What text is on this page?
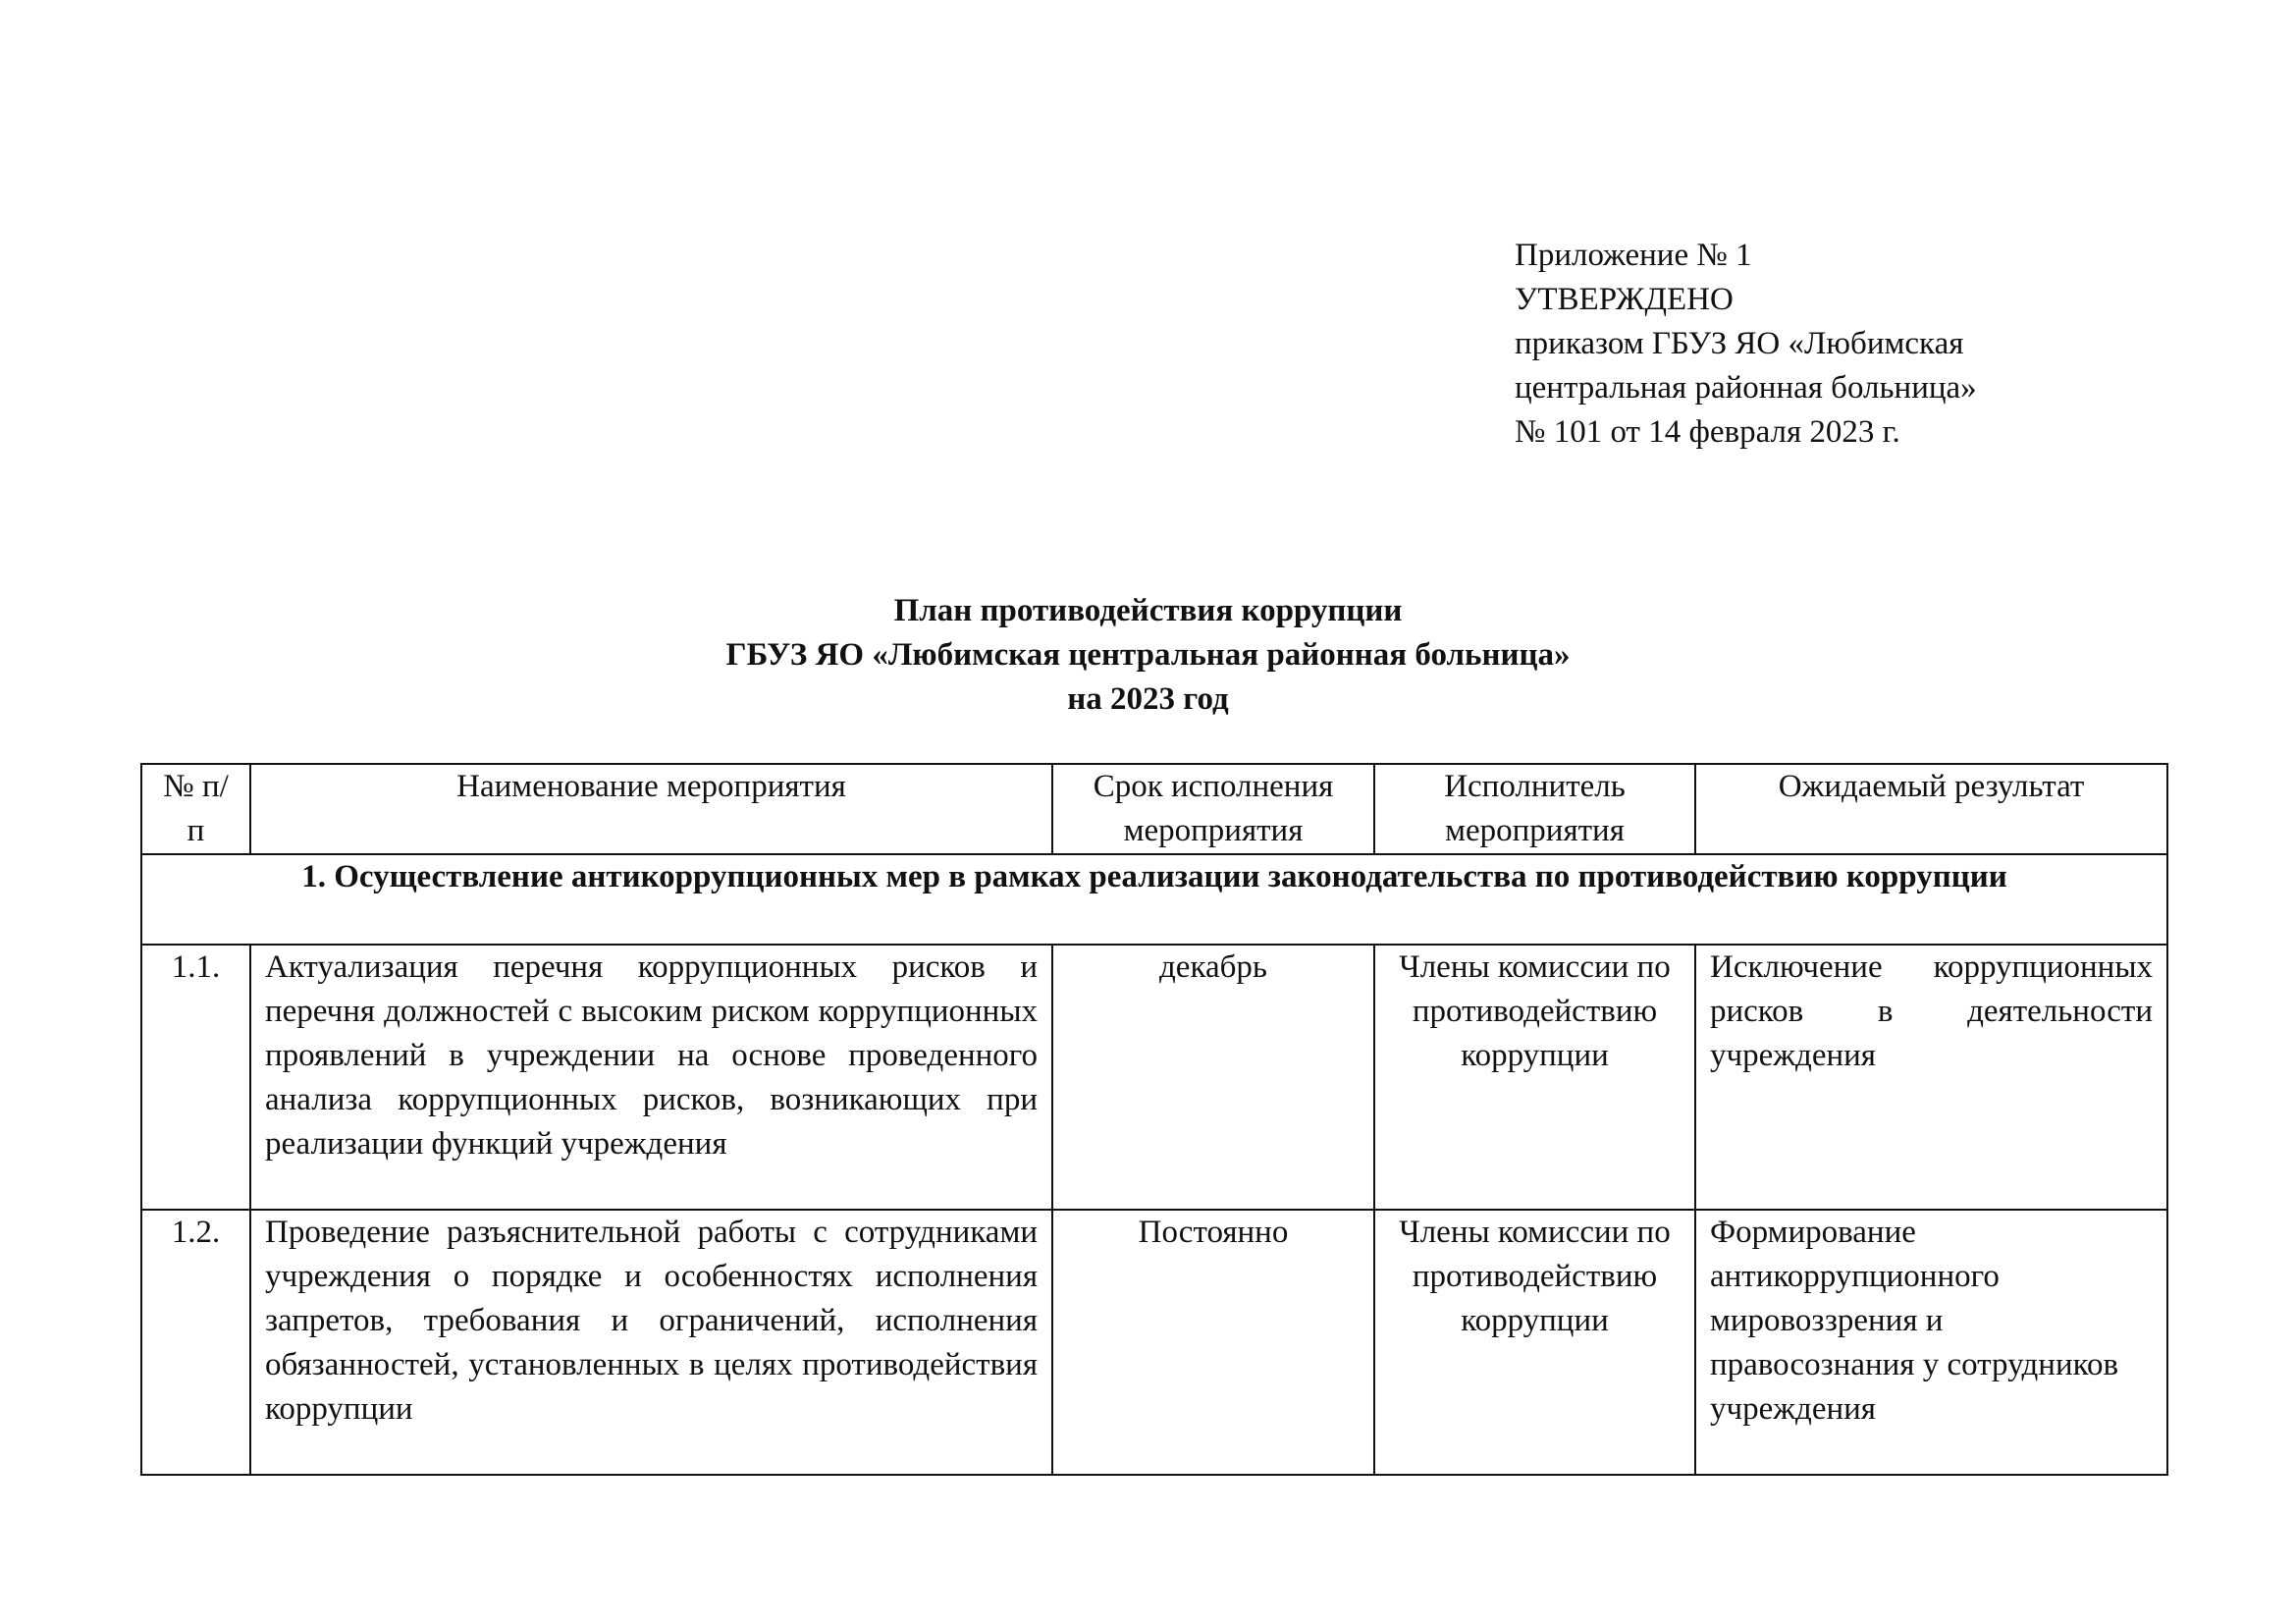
Приложение № 1
УТВЕРЖДЕНО
приказом ГБУЗ ЯО «Любимская
центральная районная больница»
№ 101 от 14 февраля 2023 г.
План противодействия коррупции
ГБУЗ ЯО «Любимская центральная районная больница»
на 2023 год
№ п/п	Наименование мероприятия	Срок исполнения мероприятия	Исполнитель мероприятия	Ожидаемый результат
1. Осуществление антикоррупционных мер в рамках реализации законодательства по противодействию коррупции				
1.1.	Актуализация перечня коррупционных рисков и перечня должностей с высоким риском коррупционных проявлений в учреждении на основе проведенного анализа коррупционных рисков, возникающих при реализации функций учреждения	декабрь	Члены комиссии по противодействию коррупции	Исключение коррупционных рисков в деятельности учреждения
1.2.	Проведение разъяснительной работы с сотрудниками учреждения о порядке и особенностях исполнения запретов, требования и ограничений, исполнения обязанностей, установленных в целях противодействия коррупции	Постоянно	Члены комиссии по противодействию коррупции	Формирование антикоррупционного мировоззрения и правосознания у сотрудников учреждения
